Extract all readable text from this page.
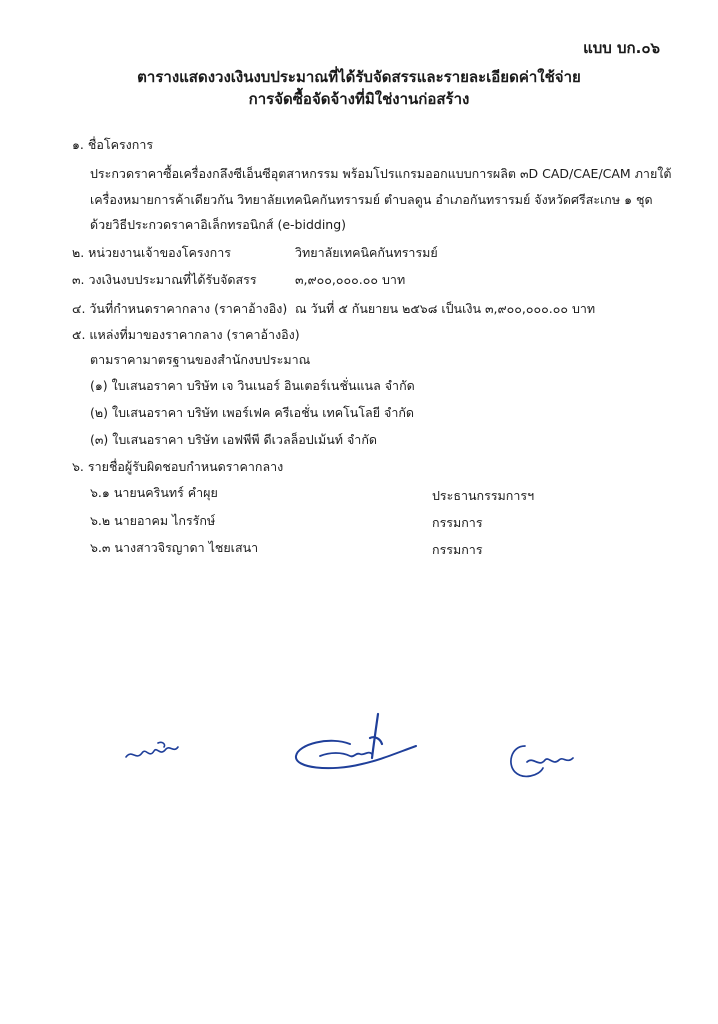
แบบ บก.๐๖
ตารางแสดงวงเงินงบประมาณที่ได้รับจัดสรรและรายละเอียดค่าใช้จ่าย
การจัดซื้อจัดจ้างที่มิใช่งานก่อสร้าง
๑. ชื่อโครงการ
ประกวดราคาซื้อเครื่องกลึงซีเอ็นซีอุตสาหกรรม พร้อมโปรแกรมออกแบบการผลิต ๓D CAD/CAE/CAM ภายใต้
เครื่องหมายการค้าเดียวกัน วิทยาลัยเทคนิคกันทรารมย์ ตำบลดูน อำเภอกันทรารมย์ จังหวัดศรีสะเกษ ๑ ชุด
ด้วยวิธีประกวดราคาอิเล็กทรอนิกส์ (e-bidding)
๒. หน่วยงานเจ้าของโครงการ	วิทยาลัยเทคนิคกันทรารมย์
๓. วงเงินงบประมาณที่ได้รับจัดสรร	๓,๙๐๐,๐๐๐.๐๐ บาท
๔. วันที่กำหนดราคากลาง (ราคาอ้างอิง) ณ วันที่ ๕ กันยายน ๒๕๖๘ เป็นเงิน ๓,๙๐๐,๐๐๐.๐๐ บาท
๕. แหล่งที่มาของราคากลาง (ราคาอ้างอิง)
ตามราคามาตรฐานของสำนักงบประมาณ
(๑) ใบเสนอราคา บริษัท เจ วินเนอร์ อินเตอร์เนชั่นแนล จำกัด
(๒) ใบเสนอราคา บริษัท เพอร์เฟค ครีเอชั่น เทคโนโลยี จำกัด
(๓) ใบเสนอราคา บริษัท เอฟพีพี ดีเวลล็อปเม้นท์ จำกัด
๖. รายชื่อผู้รับผิดชอบกำหนดราคากลาง
๖.๑ นายนครินทร์ คำผุย	ประธานกรรมการฯ
๖.๒ นายอาคม ไกรรักษ์	กรรมการ
๖.๓ นางสาวจิรญาดา ไชยเสนา	กรรมการ
